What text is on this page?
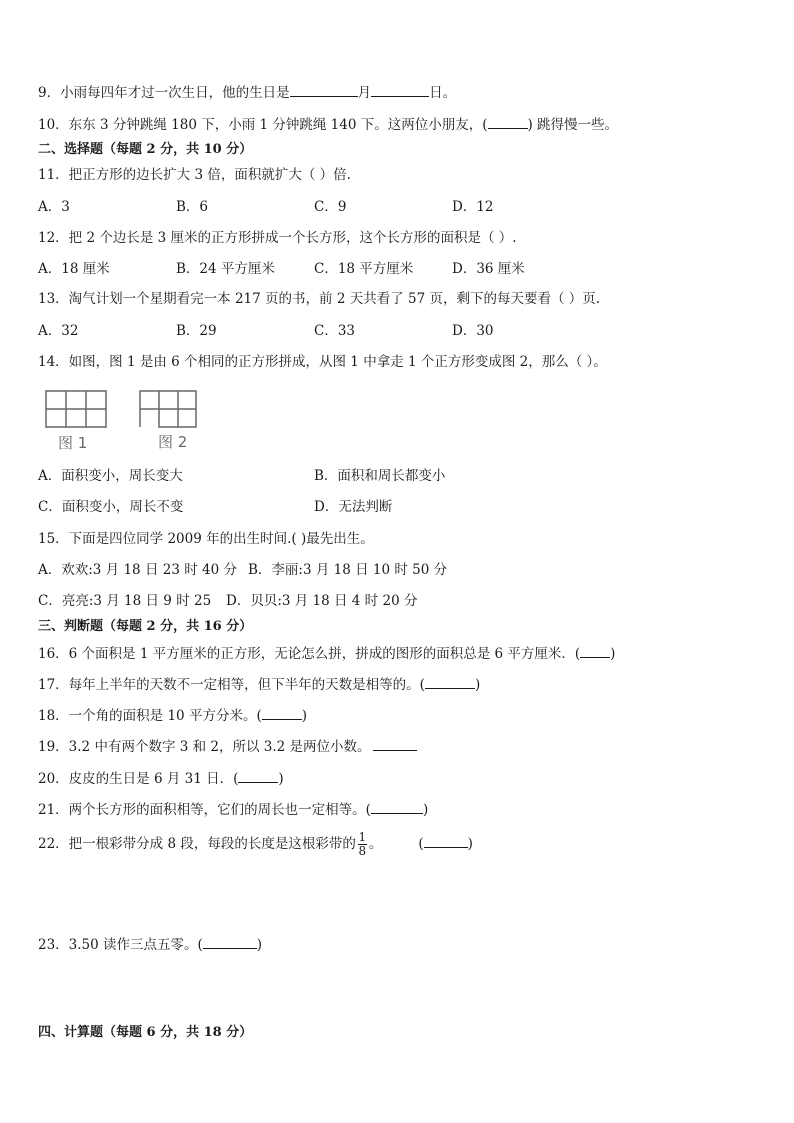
9．小雨每四年才过一次生日，他的生日是	月	日。
10．东东 3 分钟跳绳 180 下，小雨 1 分钟跳绳 140 下。这两位小朋友，(	) 跳得慢一些。
二、选择题（每题 2 分，共 10 分）
11．把正方形的边长扩大 3 倍，面积就扩大（ ）倍.
A．3	B．6	C．9	D．12
12．把 2 个边长是 3 厘米的正方形拼成一个长方形，这个长方形的面积是（ ）.
A．18 厘米	B．24 平方厘米	C．18 平方厘米	D．36 厘米
13．淘气计划一个星期看完一本 217 页的书，前 2 天共看了 57 页，剩下的每天要看（ ）页.
A．32	B．29	C．33	D．30
14．如图，图 1 是由 6 个相同的正方形拼成，从图 1 中拿走 1 个正方形变成图 2，那么（ ）。
图 1	图 2
A．面积变小，周长变大	B．面积和周长都变小
C．面积变小，周长不变	D．无法判断
15．下面是四位同学 2009 年的出生时间.( )最先出生。
A．欢欢:3 月 18 日 23 时 40 分 B．李丽:3 月 18 日 10 时 50 分
C．亮亮:3 月 18 日 9 时 25 D．贝贝:3 月 18 日 4 时 20 分
三、判断题（每题 2 分，共 16 分）
16．6 个面积是 1 平方厘米的正方形，无论怎么拼，拼成的图形的面积总是 6 平方厘米．( )
17．每年上半年的天数不一定相等，但下半年的天数是相等的。(	)
18．一个角的面积是 10 平方分米。(	)
19．3.2 中有两个数字 3 和 2，所以 3.2 是两位小数。
20．皮皮的生日是 6 月 31 日．(	)
21．两个长方形的面积相等，它们的周长也一定相等。(	)
22．把一根彩带分成 8 段，每段的长度是这根彩带的 $\frac{1}{8}$ 。	(	)
23．3.50 读作三点五零。(	)
四、计算题（每题 6 分，共 18 分）
